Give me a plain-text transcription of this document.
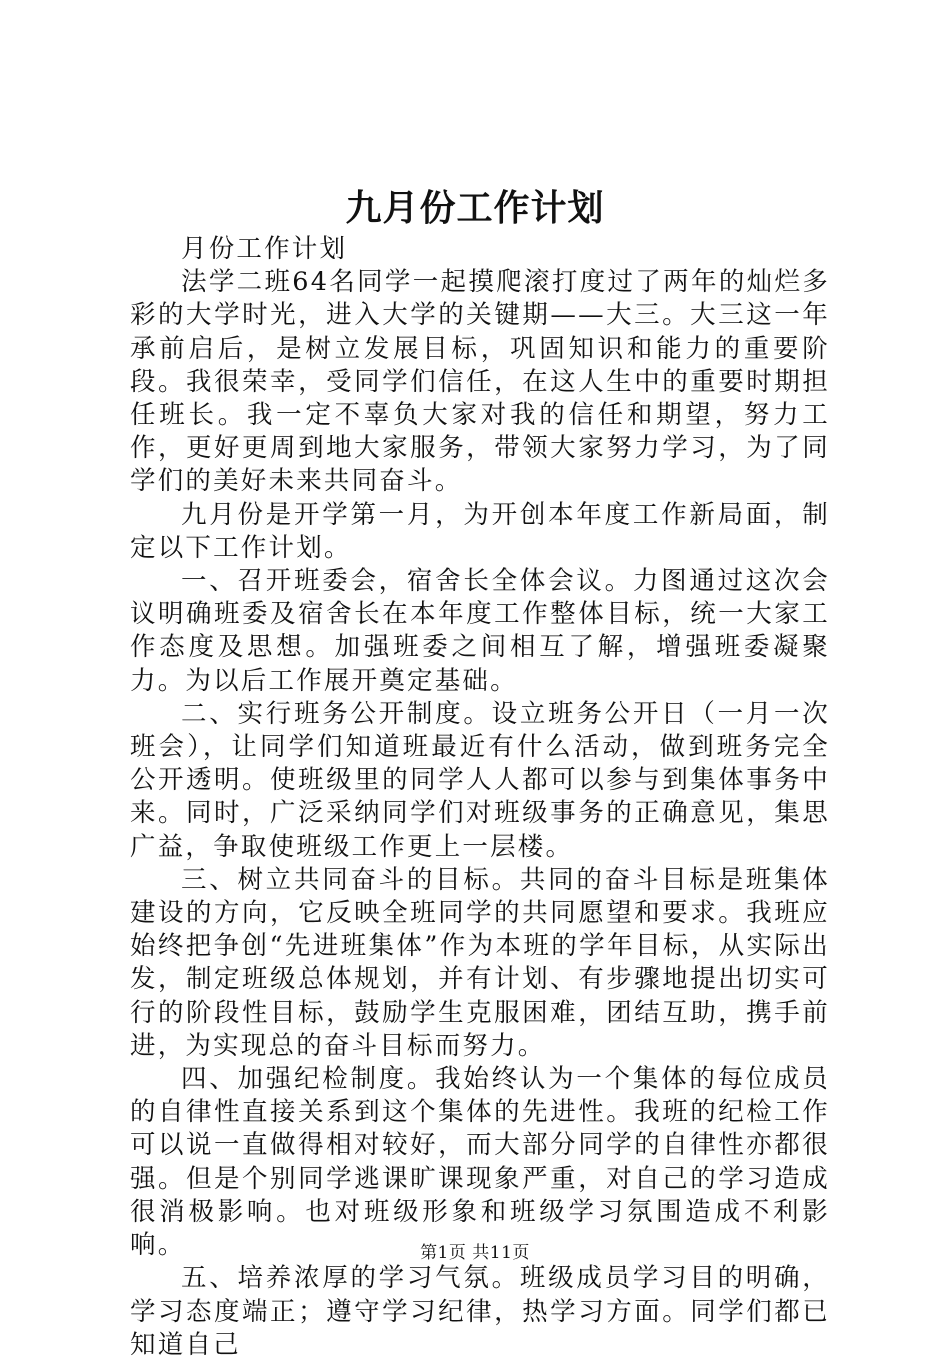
九月份工作计划

月份工作计划

法学二班64名同学一起摸爬滚打度过了两年的灿烂多彩的大学时光，进入大学的关键期——大三。大三这一年承前启后，是树立发展目标，巩固知识和能力的重要阶段。我很荣幸，受同学们信任，在这人生中的重要时期担任班长。我一定不辜负大家对我的信任和期望，努力工作，更好更周到地大家服务，带领大家努力学习，为了同学们的美好未来共同奋斗。

九月份是开学第一月，为开创本年度工作新局面，制定以下工作计划。

一、召开班委会，宿舍长全体会议。力图通过这次会议明确班委及宿舍长在本年度工作整体目标，统一大家工作态度及思想。加强班委之间相互了解，增强班委凝聚力。为以后工作展开奠定基础。

二、实行班务公开制度。设立班务公开日（一月一次班会），让同学们知道班最近有什么活动，做到班务完全公开透明。使班级里的同学人人都可以参与到集体事务中来。同时，广泛采纳同学们对班级事务的正确意见，集思广益，争取使班级工作更上一层楼。

三、树立共同奋斗的目标。共同的奋斗目标是班集体建设的方向，它反映全班同学的共同愿望和要求。我班应始终把争创“先进班集体”作为本班的学年目标，从实际出发，制定班级总体规划，并有计划、有步骤地提出切实可行的阶段性目标，鼓励学生克服困难，团结互助，携手前进，为实现总的奋斗目标而努力。

四、加强纪检制度。我始终认为一个集体的每位成员的自律性直接关系到这个集体的先进性。我班的纪检工作可以说一直做得相对较好，而大部分同学的自律性亦都很强。但是个别同学逃课旷课现象严重，对自己的学习造成很消极影响。也对班级形象和班级学习氛围造成不利影响。

五、培养浓厚的学习气氛。班级成员学习目的明确，学习态度端正；遵守学习纪律，热学习方面。同学们都已知道自己

第1页 共11页
